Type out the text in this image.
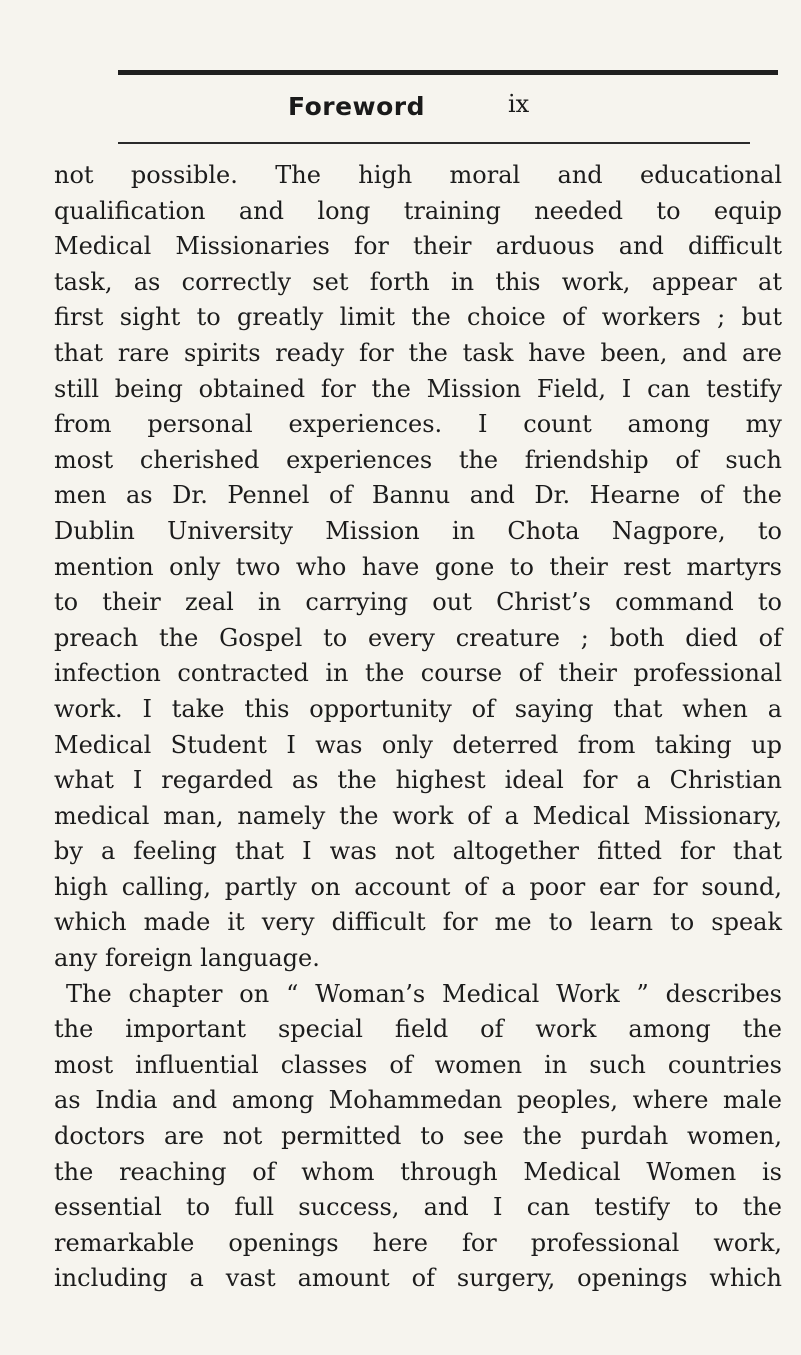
Foreword	ix
not possible. The high moral and educational
qualification and long training needed to equip
Medical Missionaries for their arduous and difficult
task, as correctly set forth in this work, appear at
first sight to greatly limit the choice of workers ; but
that rare spirits ready for the task have been, and are
still being obtained for the Mission Field, I can testify
from personal experiences. I count among my
most cherished experiences the friendship of such
men as Dr. Pennel of Bannu and Dr. Hearne of the
Dublin University Mission in Chota Nagpore, to
mention only two who have gone to their rest martyrs
to their zeal in carrying out Christ’s command to
preach the Gospel to every creature ; both died of
infection contracted in the course of their professional
work. I take this opportunity of saying that when a
Medical Student I was only deterred from taking up
what I regarded as the highest ideal for a Christian
medical man, namely the work of a Medical Missionary,
by a feeling that I was not altogether fitted for that
high calling, partly on account of a poor ear for sound,
which made it very difficult for me to learn to speak
any foreign language.
The chapter on “ Woman’s Medical Work ” describes
the important special field of work among the
most influential classes of women in such countries
as India and among Mohammedan peoples, where male
doctors are not permitted to see the purdah women,
the reaching of whom through Medical Women is
essential to full success, and I can testify to the
remarkable openings here for professional work,
including a vast amount of surgery, openings which
